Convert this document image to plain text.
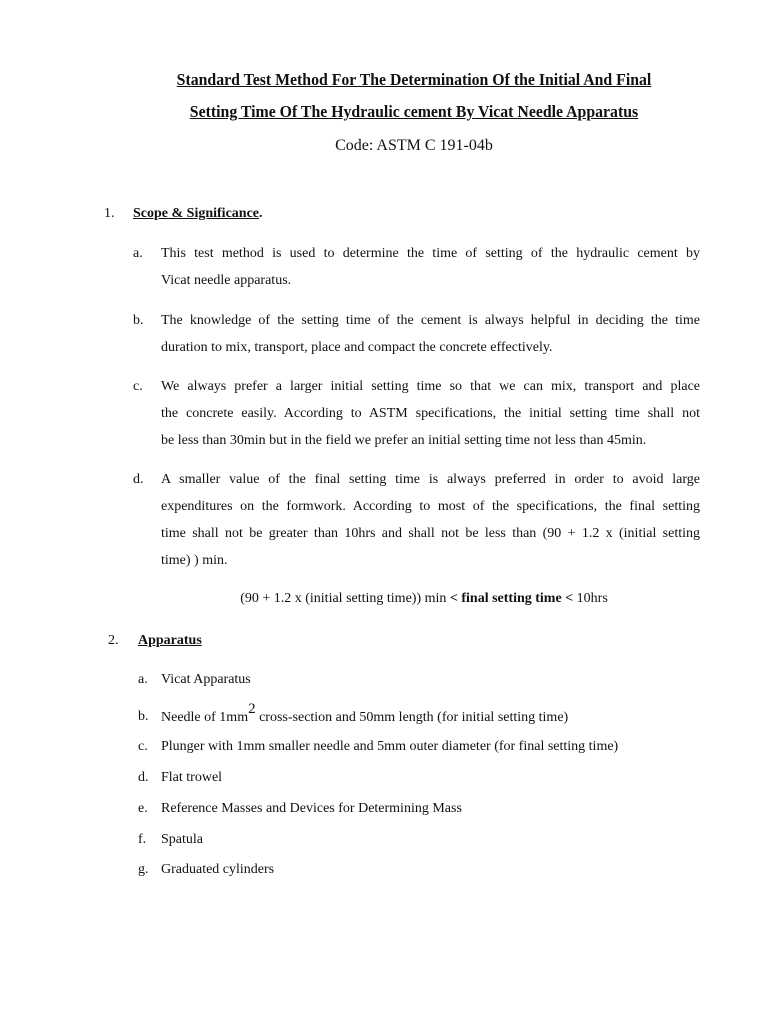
Standard Test Method For The Determination Of the Initial And Final
Setting Time Of The Hydraulic cement By Vicat Needle Apparatus
Code: ASTM C 191-04b
1. Scope & Significance.
a. This test method is used to determine the time of setting of the hydraulic cement by
Vicat needle apparatus.
b. The knowledge of the setting time of the cement is always helpful in deciding the time
duration to mix, transport, place and compact the concrete effectively.
c. We always prefer a larger initial setting time so that we can mix, transport and place
the concrete easily. According to ASTM specifications, the initial setting time shall not
be less than 30min but in the field we prefer an initial setting time not less than 45min.
d. A smaller value of the final setting time is always preferred in order to avoid large
expenditures on the formwork. According to most of the specifications, the final setting
time shall not be greater than 10hrs and shall not be less than (90 + 1.2 x (initial setting
time) ) min.
(90 + 1.2 x (initial setting time)) min < final setting time < 10hrs
2. Apparatus
a. Vicat Apparatus
b. Needle of 1mm2 cross-section and 50mm length (for initial setting time)
c. Plunger with 1mm smaller needle and 5mm outer diameter (for final setting time)
d. Flat trowel
e. Reference Masses and Devices for Determining Mass
f. Spatula
g. Graduated cylinders
